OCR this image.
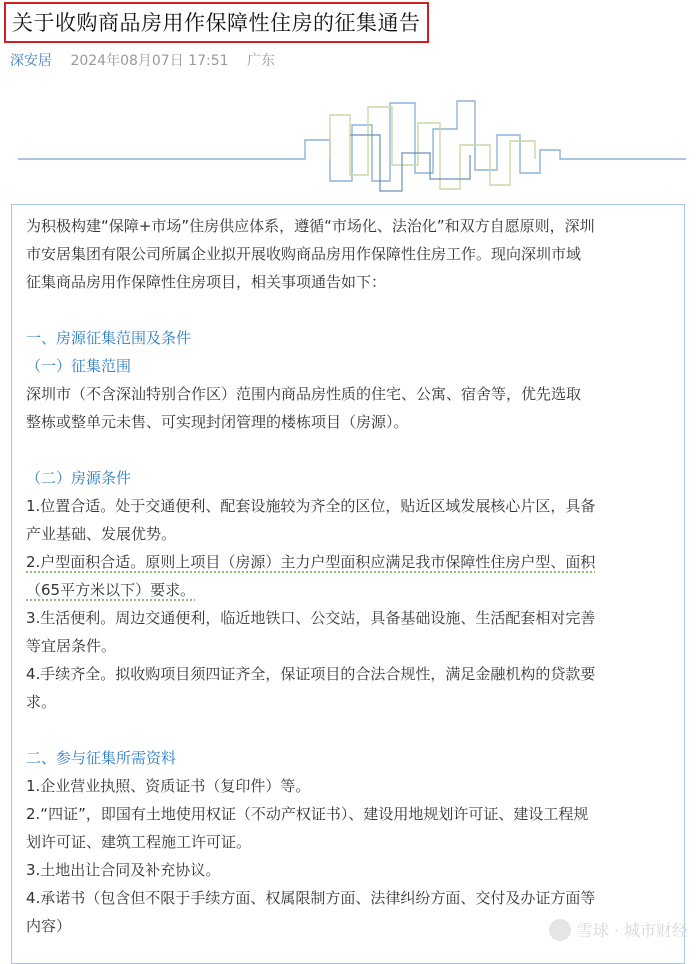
关于收购商品房用作保障性住房的征集通告
深安居 2024年08月07日 17:51 广东

为积极构建“保障+市场”住房供应体系，遵循“市场化、法治化”和双方自愿原则，深圳

市安居集团有限公司所属企业拟开展收购商品房用作保障性住房工作。现向深圳市域

征集商品房用作保障性住房项目，相关事项通告如下：

一、房源征集范围及条件

（一）征集范围

深圳市（不含深汕特别合作区）范围内商品房性质的住宅、公寓、宿舍等，优先选取

整栋或整单元未售、可实现封闭管理的楼栋项目（房源）。

（二）房源条件

1.位置合适。处于交通便利、配套设施较为齐全的区位，贴近区域发展核心片区，具备

产业基础、发展优势。

2.户型面积合适。原则上项目（房源）主力户型面积应满足我市保障性住房户型、面积

（65平方米以下）要求。

3.生活便利。周边交通便利，临近地铁口、公交站，具备基础设施、生活配套相对完善

等宜居条件。

4.手续齐全。拟收购项目须四证齐全，保证项目的合法合规性，满足金融机构的贷款要

求。

二、参与征集所需资料

1.企业营业执照、资质证书（复印件）等。

2.“四证”，即国有土地使用权证（不动产权证书）、建设用地规划许可证、建设工程规

划许可证、建筑工程施工许可证。

3.土地出让合同及补充协议。

4.承诺书（包含但不限于手续方面、权属限制方面、法律纠纷方面、交付及办证方面等

内容）	雪球 · 城市财经
